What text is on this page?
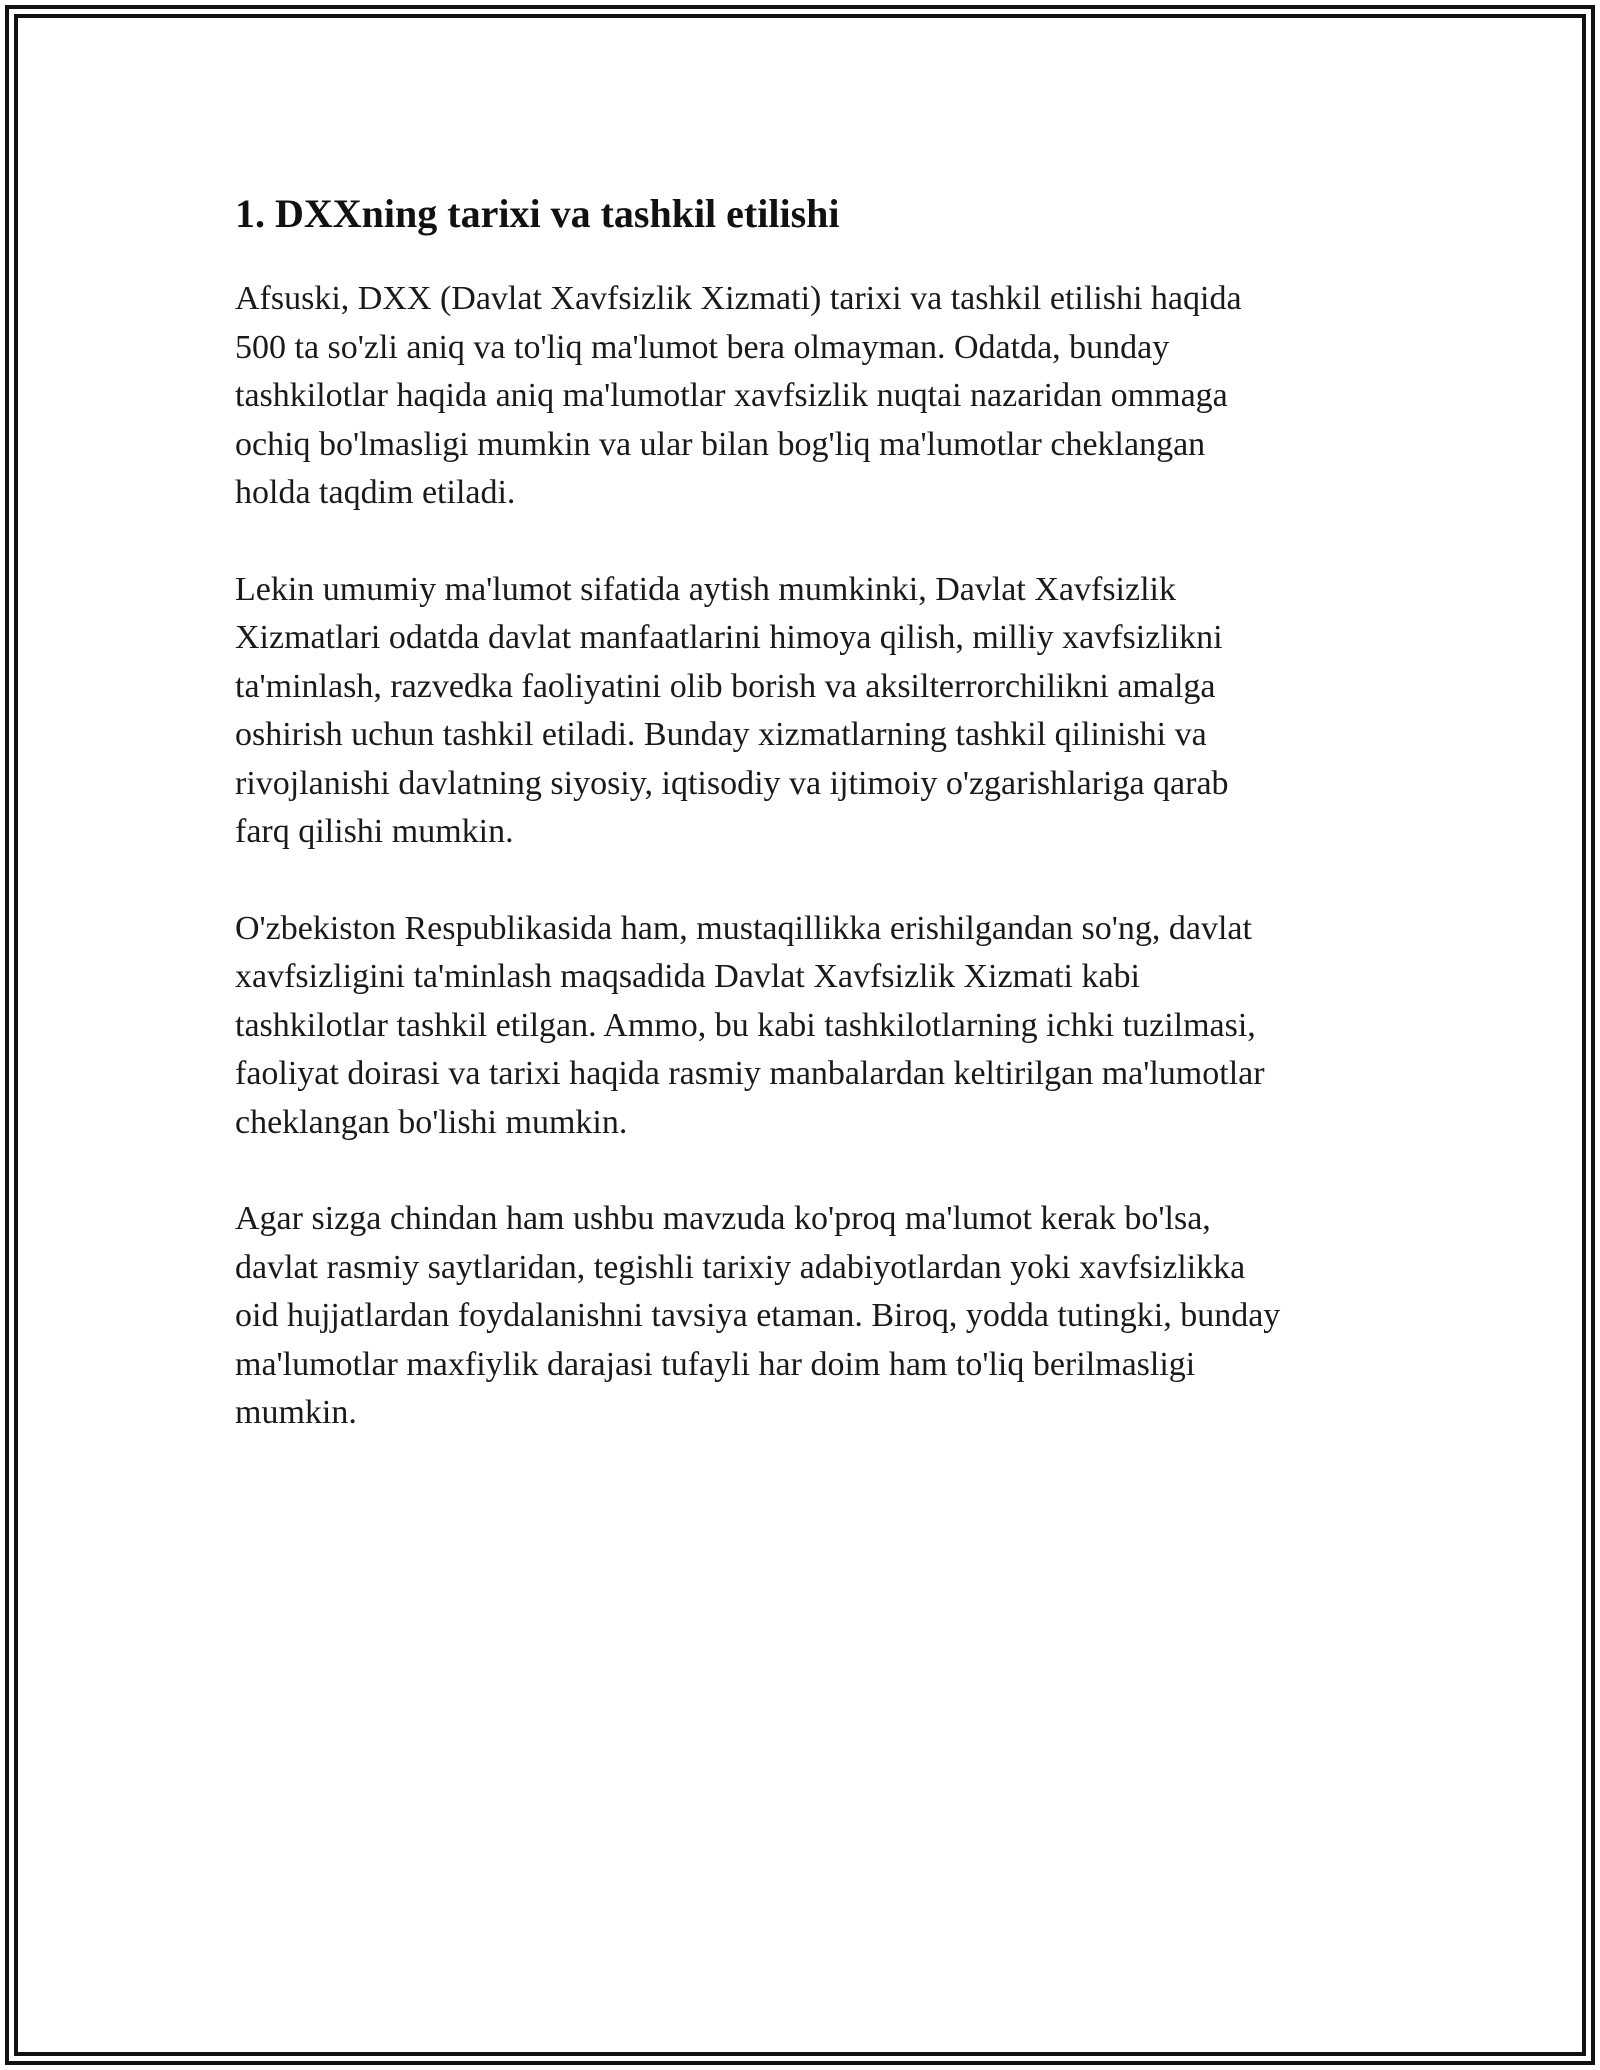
1. DXXning tarixi va tashkil etilishi

Afsuski, DXX (Davlat Xavfsizlik Xizmati) tarixi va tashkil etilishi haqida
500 ta so'zli aniq va to'liq ma'lumot bera olmayman. Odatda, bunday
tashkilotlar haqida aniq ma'lumotlar xavfsizlik nuqtai nazaridan ommaga
ochiq bo'lmasligi mumkin va ular bilan bog'liq ma'lumotlar cheklangan
holda taqdim etiladi.

Lekin umumiy ma'lumot sifatida aytish mumkinki, Davlat Xavfsizlik
Xizmatlari odatda davlat manfaatlarini himoya qilish, milliy xavfsizlikni
ta'minlash, razvedka faoliyatini olib borish va aksilterrorchilikni amalga
oshirish uchun tashkil etiladi. Bunday xizmatlarning tashkil qilinishi va
rivojlanishi davlatning siyosiy, iqtisodiy va ijtimoiy o'zgarishlariga qarab
farq qilishi mumkin.

O'zbekiston Respublikasida ham, mustaqillikka erishilgandan so'ng, davlat
xavfsizligini ta'minlash maqsadida Davlat Xavfsizlik Xizmati kabi
tashkilotlar tashkil etilgan. Ammo, bu kabi tashkilotlarning ichki tuzilmasi,
faoliyat doirasi va tarixi haqida rasmiy manbalardan keltirilgan ma'lumotlar
cheklangan bo'lishi mumkin.

Agar sizga chindan ham ushbu mavzuda ko'proq ma'lumot kerak bo'lsa,
davlat rasmiy saytlaridan, tegishli tarixiy adabiyotlardan yoki xavfsizlikka
oid hujjatlardan foydalanishni tavsiya etaman. Biroq, yodda tutingki, bunday
ma'lumotlar maxfiylik darajasi tufayli har doim ham to'liq berilmasligi
mumkin.
